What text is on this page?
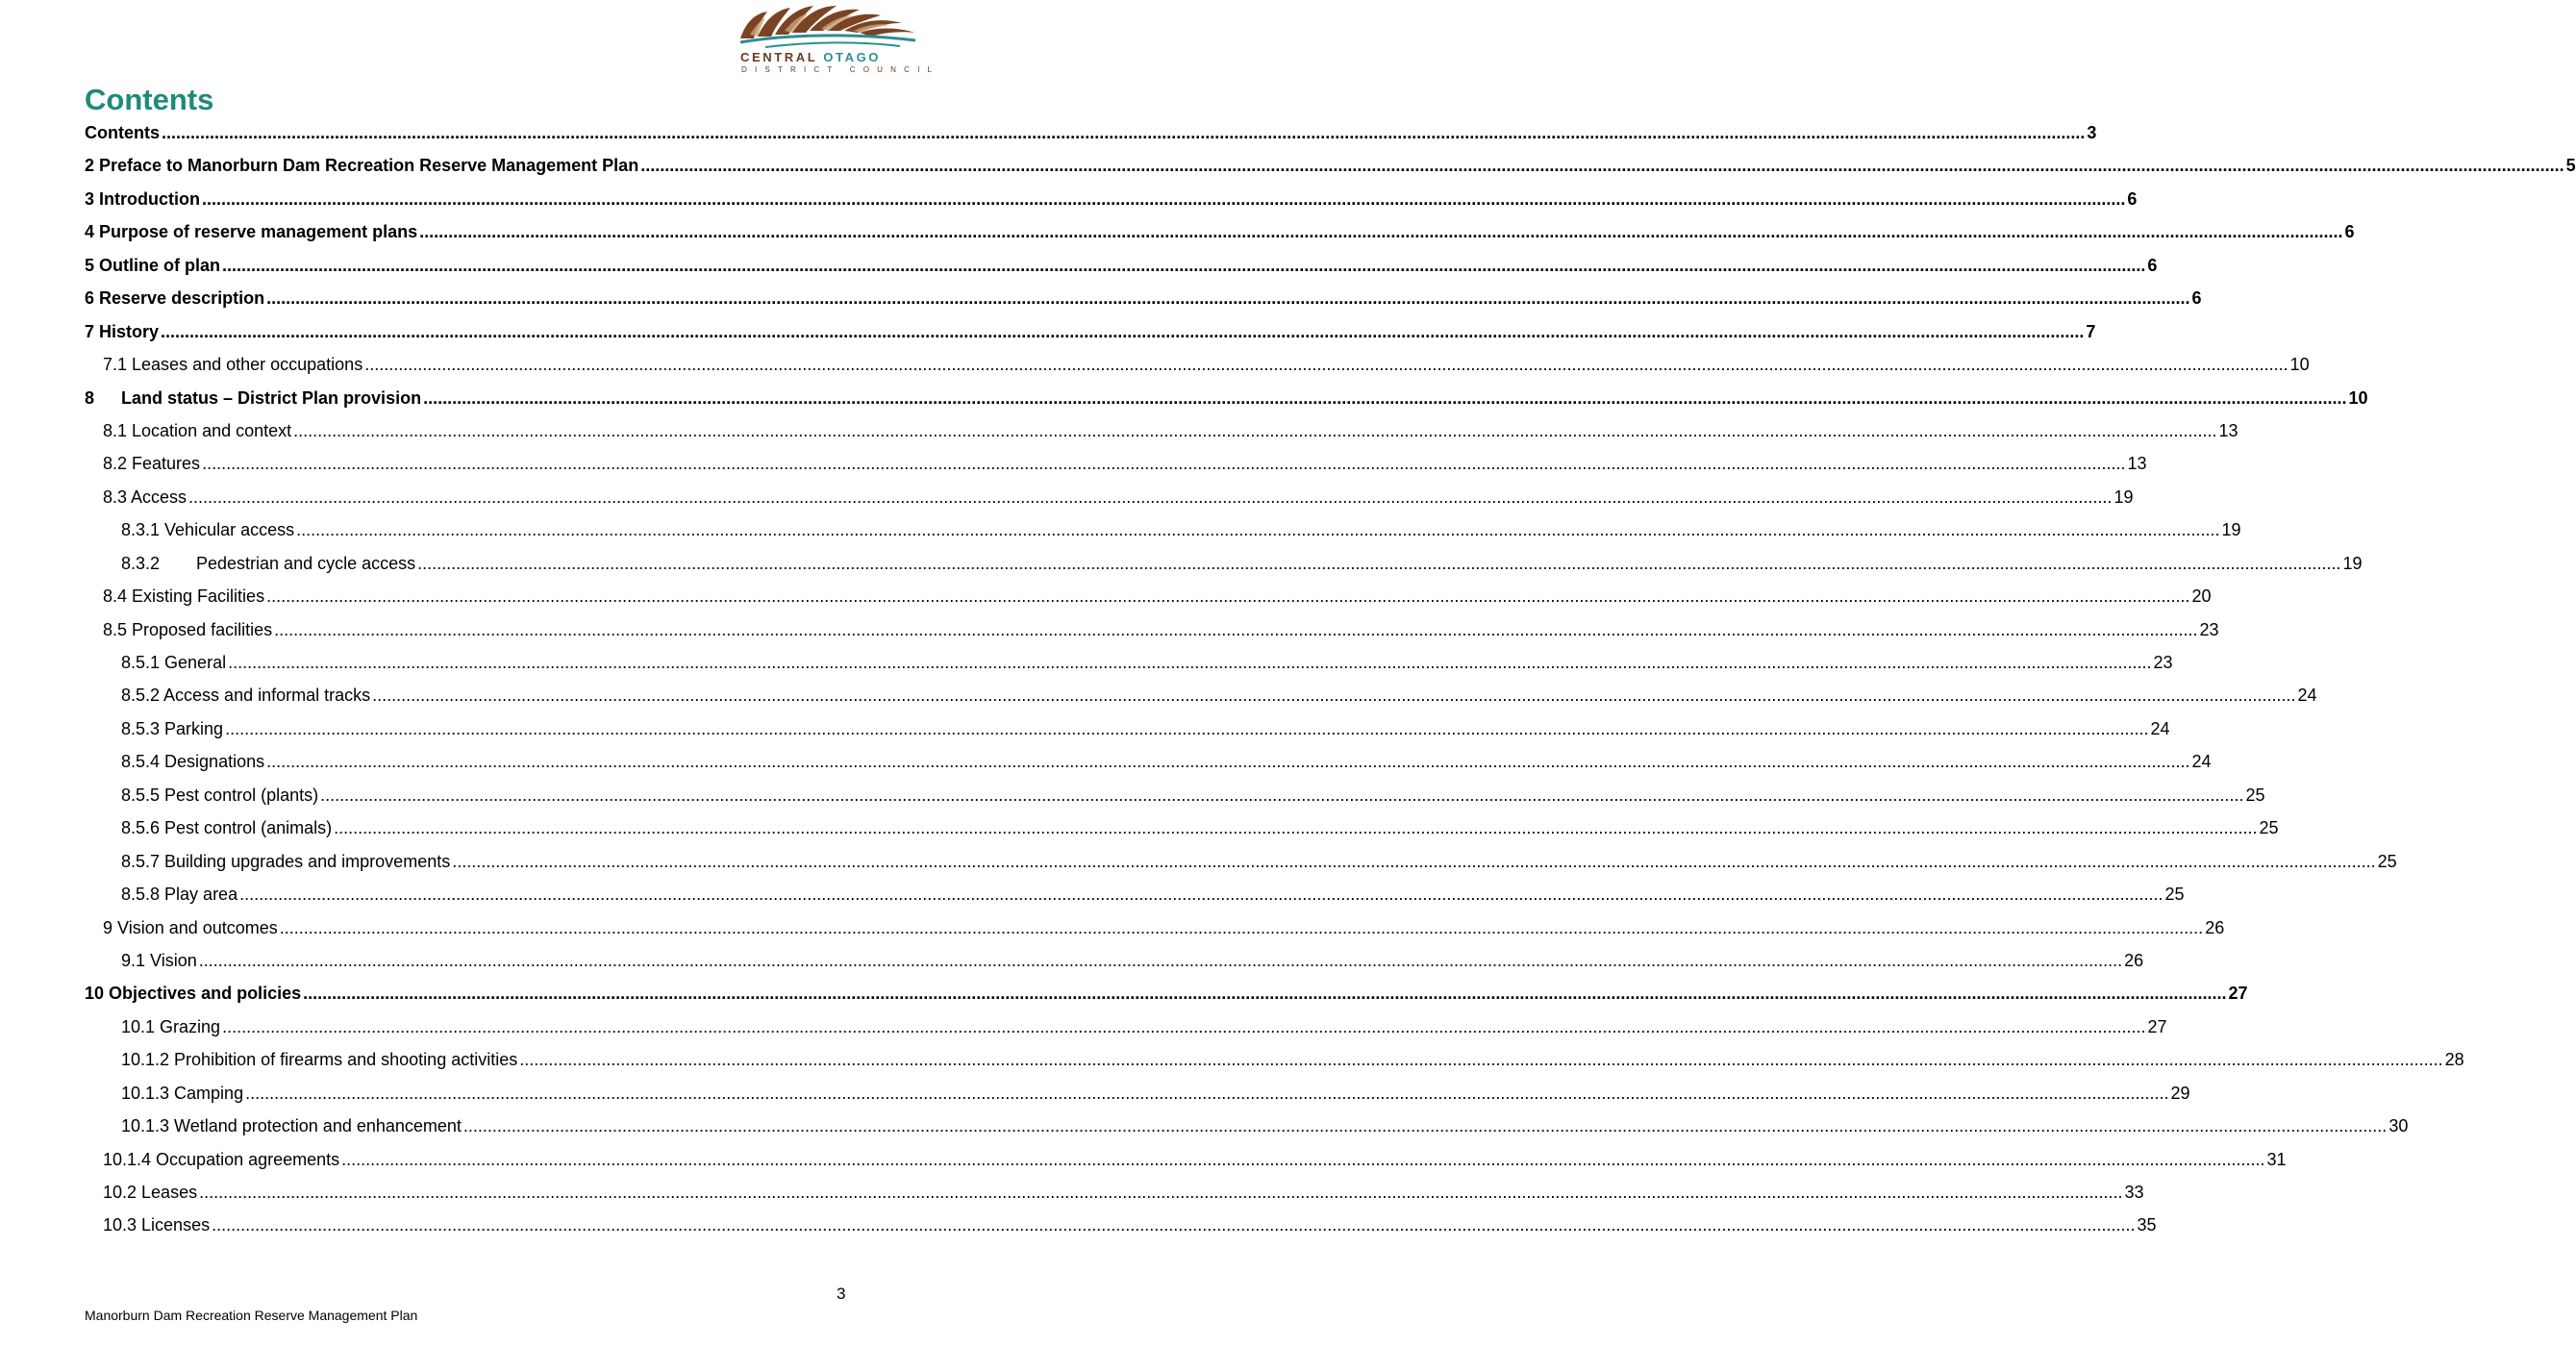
CENTRAL OTAGO
DISTRICT COUNCIL
Contents
Contents ................................................................................................................................................................................................................................................................................................................................................................................................................ 3
2 Preface to Manorburn Dam Recreation Reserve Management Plan ................................................................................................................................................................................................................................................................................................................................................................................................................ 5
3 Introduction ................................................................................................................................................................................................................................................................................................................................................................................................................ 6
4 Purpose of reserve management plans ................................................................................................................................................................................................................................................................................................................................................................................................................ 6
5 Outline of plan ................................................................................................................................................................................................................................................................................................................................................................................................................ 6
6 Reserve description ................................................................................................................................................................................................................................................................................................................................................................................................................ 6
7 History ................................................................................................................................................................................................................................................................................................................................................................................................................ 7
7.1 Leases and other occupations ................................................................................................................................................................................................................................................................................................................................................................................................................ 10
8 Land status – District Plan provision ................................................................................................................................................................................................................................................................................................................................................................................................................ 10
8.1 Location and context ................................................................................................................................................................................................................................................................................................................................................................................................................ 13
8.2 Features ................................................................................................................................................................................................................................................................................................................................................................................................................ 13
8.3 Access ................................................................................................................................................................................................................................................................................................................................................................................................................ 19
8.3.1 Vehicular access ................................................................................................................................................................................................................................................................................................................................................................................................................ 19
8.3.2 Pedestrian and cycle access ................................................................................................................................................................................................................................................................................................................................................................................................................ 19
8.4 Existing Facilities ................................................................................................................................................................................................................................................................................................................................................................................................................ 20
8.5 Proposed facilities ................................................................................................................................................................................................................................................................................................................................................................................................................ 23
8.5.1 General ................................................................................................................................................................................................................................................................................................................................................................................................................ 23
8.5.2 Access and informal tracks ................................................................................................................................................................................................................................................................................................................................................................................................................ 24
8.5.3 Parking ................................................................................................................................................................................................................................................................................................................................................................................................................ 24
8.5.4 Designations ................................................................................................................................................................................................................................................................................................................................................................................................................ 24
8.5.5 Pest control (plants) ................................................................................................................................................................................................................................................................................................................................................................................................................ 25
8.5.6 Pest control (animals) ................................................................................................................................................................................................................................................................................................................................................................................................................ 25
8.5.7 Building upgrades and improvements ................................................................................................................................................................................................................................................................................................................................................................................................................ 25
8.5.8 Play area ................................................................................................................................................................................................................................................................................................................................................................................................................ 25
9 Vision and outcomes ................................................................................................................................................................................................................................................................................................................................................................................................................ 26
9.1 Vision ................................................................................................................................................................................................................................................................................................................................................................................................................ 26
10 Objectives and policies ................................................................................................................................................................................................................................................................................................................................................................................................................ 27
10.1 Grazing ................................................................................................................................................................................................................................................................................................................................................................................................................ 27
10.1.2 Prohibition of firearms and shooting activities ................................................................................................................................................................................................................................................................................................................................................................................................................ 28
10.1.3 Camping ................................................................................................................................................................................................................................................................................................................................................................................................................ 29
10.1.3 Wetland protection and enhancement ................................................................................................................................................................................................................................................................................................................................................................................................................ 30
10.1.4 Occupation agreements ................................................................................................................................................................................................................................................................................................................................................................................................................ 31
10.2 Leases ................................................................................................................................................................................................................................................................................................................................................................................................................ 33
10.3 Licenses ................................................................................................................................................................................................................................................................................................................................................................................................................ 35
3
Manorburn Dam Recreation Reserve Management Plan
